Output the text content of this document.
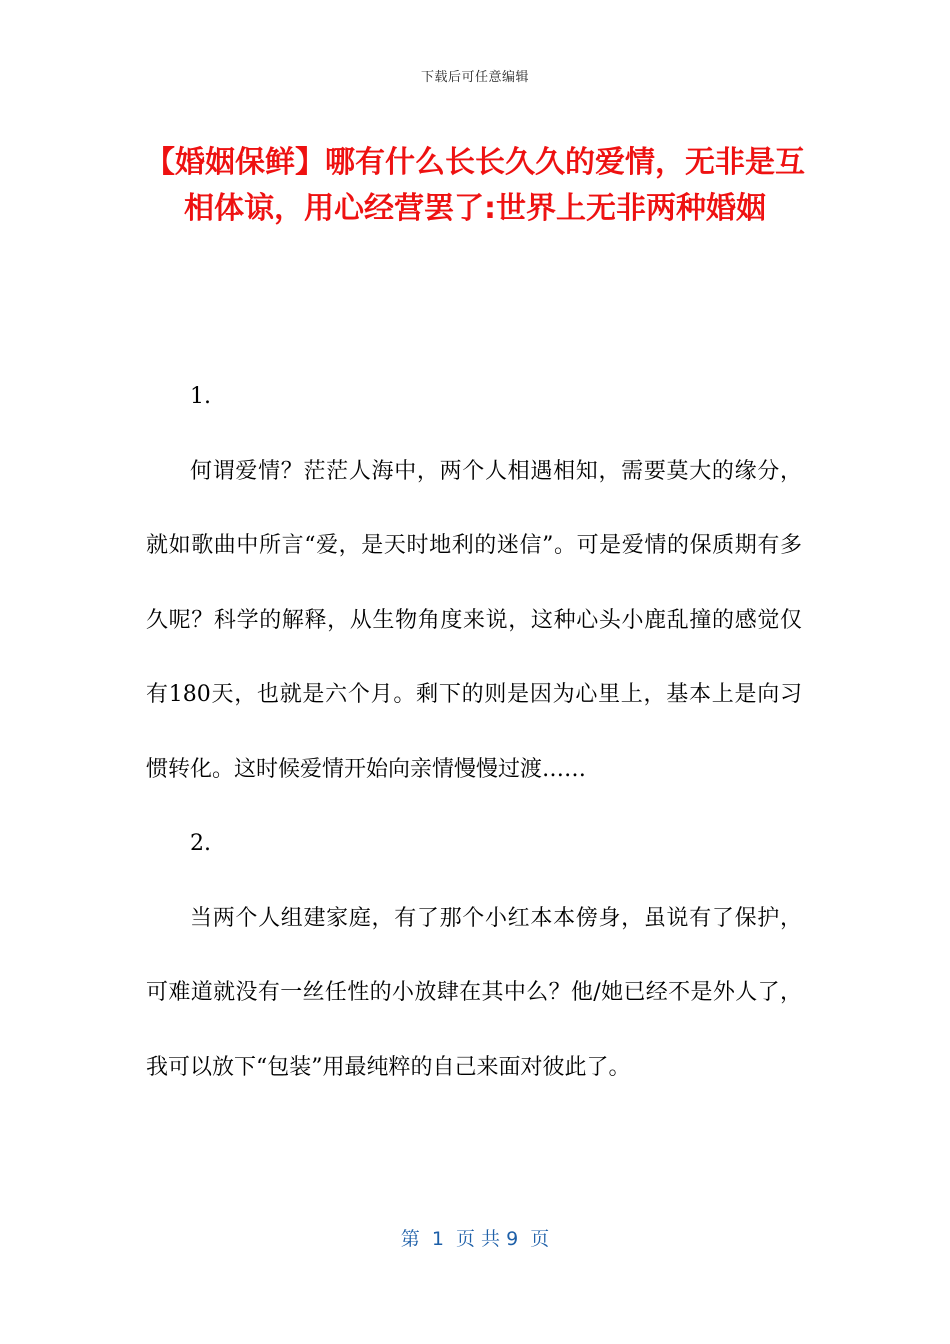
下载后可任意编辑
【婚姻保鲜】哪有什么长长久久的爱情，无非是互相体谅，用心经营罢了:世界上无非两种婚姻

1.

何谓爱情？茫茫人海中，两个人相遇相知，需要莫大的缘分，就如歌曲中所言“爱，是天时地利的迷信”。可是爱情的保质期有多久呢？科学的解释，从生物角度来说，这种心头小鹿乱撞的感觉仅有180天，也就是六个月。剩下的则是因为心里上，基本上是向习惯转化。这时候爱情开始向亲情慢慢过渡……

2.

当两个人组建家庭，有了那个小红本本傍身，虽说有了保护，可难道就没有一丝任性的小放肆在其中么？他/她已经不是外人了，我可以放下“包装”用最纯粹的自己来面对彼此了。

第  1  页 共 9  页
